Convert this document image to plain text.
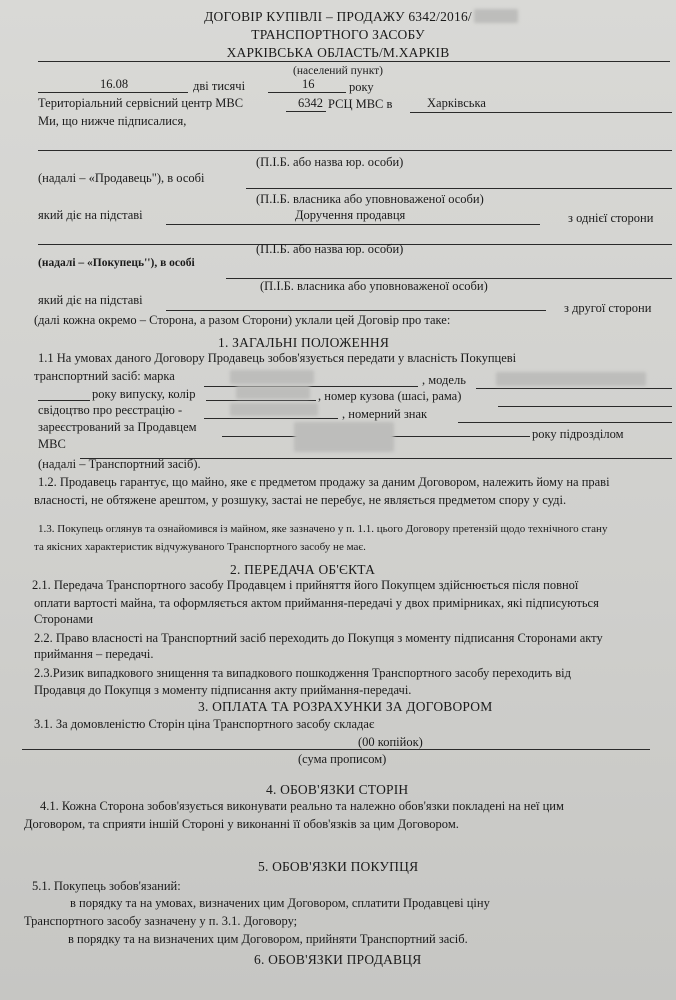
ДОГОВІР КУПІВЛІ – ПРОДАЖУ 6342/2016/
ТРАНСПОРТНОГО ЗАСОБУ
ХАРКІВСЬКА ОБЛАСТЬ/М.ХАРКІВ
(населений пункт)
16.08	дві тисячі	16	року
Територіальний сервісний центр МВС	6342 РСЦ МВС в	Харківська
Ми, що нижче підписалися,
(П.І.Б. або назва юр. особи)
(надалі – «Продавець"), в особі
(П.І.Б. власника або уповноваженої особи)
який діє на підставі	Доручення продавця	з однієї сторони
(П.І.Б. або назва юр. особи)
(надалі – «Покупець''), в особі
(П.І.Б. власника або уповноваженої особи)
який діє на підставі
з другої сторони
(далі кожна окремо – Сторона, а разом Сторони) уклали цей Договір про таке:
1. ЗАГАЛЬНІ ПОЛОЖЕННЯ
1.1 На умовах даного Договору Продавець зобов'язується передати у власність Покупцеві
транспортний засіб: марка	, модель
року випуску, колір	, номер кузова (шасі, рама)
свідоцтво про реєстрацію -	, номерний знак
зареєстрований за Продавцем	року підрозділом
МВС
(надалі – Транспортний засіб).
1.2. Продавець гарантує, що майно, яке є предметом продажу за даним Договором, належить йому на праві
власності, не обтяжене арештом, у розшуку, застаі не перебує, не являється предметом спору у суді.
1.3. Покупець оглянув та ознайомився із майном, яке зазначено у п. 1.1. цього Договору претензій щодо технічного стану
та якісних характеристик відчужуваного Транспортного засобу не має.
2. ПЕРЕДАЧА ОБ'ЄКТА
2.1. Передача Транспортного засобу Продавцем і прийняття його Покупцем здійснюється після повної
оплати вартості майна, та оформляється актом приймання-передачі у двох примірниках, які підписуються
Сторонами
2.2. Право власності на Транспортний засіб переходить до Покупця з моменту підписання Сторонами акту
приймання – передачі.
2.3.Ризик випадкового знищення та випадкового пошкодження Транспортного засобу переходить від
Продавця до Покупця з моменту підписання акту приймання-передачі.
3. ОПЛАТА ТА РОЗРАХУНКИ ЗА ДОГОВОРОМ
3.1. За домовленістю Сторін ціна Транспортного засобу складає
(00 копійок)
(сума прописом)
4. ОБОВ'ЯЗКИ СТОРІН
4.1. Кожна Сторона зобов'язується виконувати реально та належно обов'язки покладені на неї цим
Договором, та сприяти іншій Стороні у виконанні її обов'язків за цим Договором.
5. ОБОВ'ЯЗКИ ПОКУПЦЯ
5.1. Покупець зобов'язаний:
в порядку та на умовах, визначених цим Договором, сплатити Продавцеві ціну
Транспортного засобу зазначену у п. 3.1. Договору;
в порядку та на визначених цим Договором, прийняти Транспортний засіб.
6. ОБОВ'ЯЗКИ ПРОДАВЦЯ
